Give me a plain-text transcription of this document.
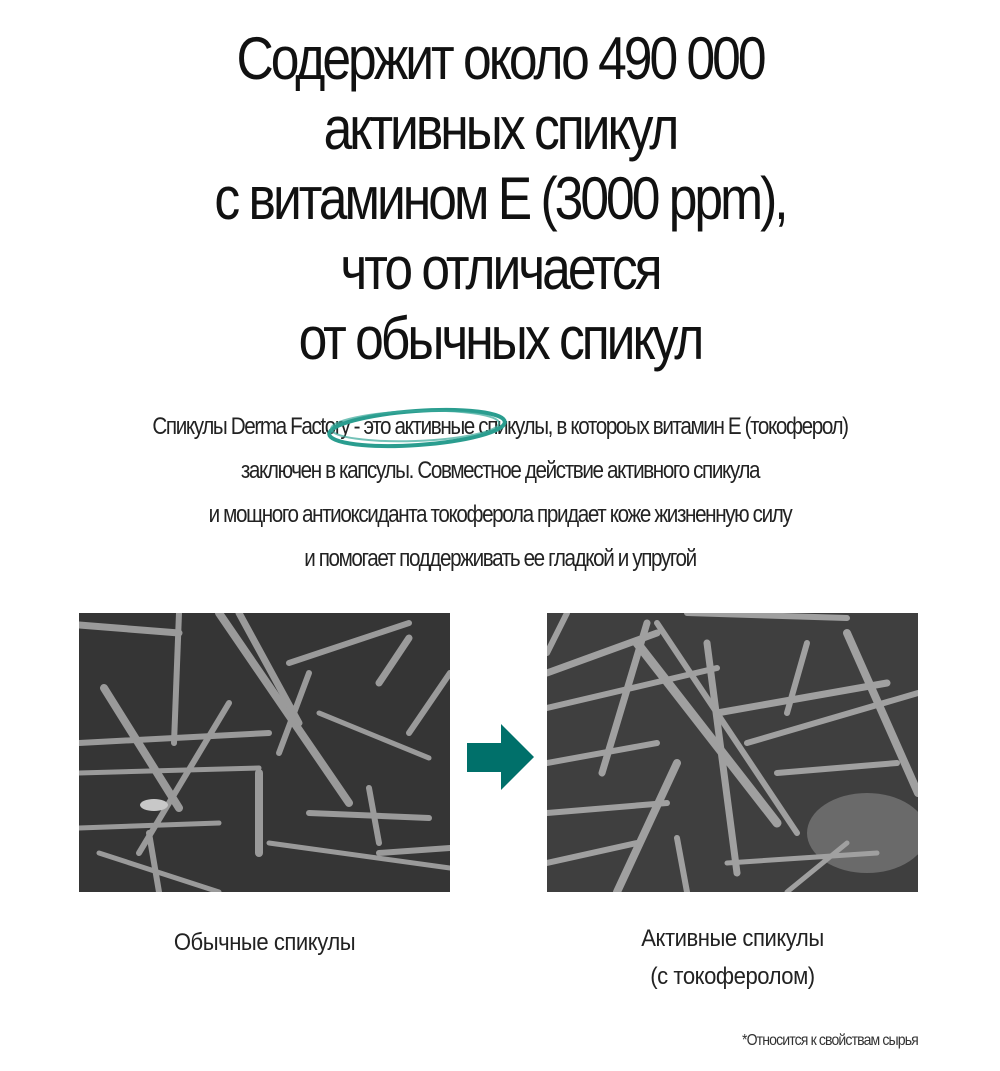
Содержит около 490 000
активных спикул
с витамином E (3000 ppm),
что отличается
от обычных спикул
Спикулы Derma Factory - это активные спикулы, в котороых витамин E (токоферол)
заключен в капсулы. Совместное действие активного спикула
и мощного антиоксиданта токоферола придает коже жизненную силу
и помогает поддерживать ее гладкой и упругой
Обычные спикулы	Активные спикулы
(с токоферолом)
*Относится к свойствам сырья
